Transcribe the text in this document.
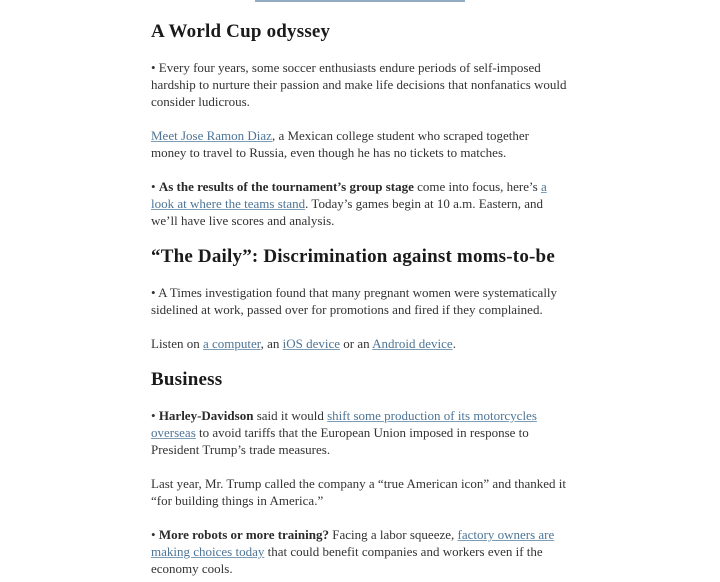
A World Cup odyssey

• Every four years, some soccer enthusiasts endure periods of self-imposed hardship to nurture their passion and make life decisions that nonfanatics would consider ludicrous.

Meet Jose Ramon Diaz, a Mexican college student who scraped together money to travel to Russia, even though he has no tickets to matches.

• As the results of the tournament’s group stage come into focus, here’s a look at where the teams stand. Today’s games begin at 10 a.m. Eastern, and we’ll have live scores and analysis.

“The Daily”: Discrimination against moms-to-be

• A Times investigation found that many pregnant women were systematically sidelined at work, passed over for promotions and fired if they complained.

Listen on a computer, an iOS device or an Android device.

Business

• Harley-Davidson said it would shift some production of its motorcycles overseas to avoid tariffs that the European Union imposed in response to President Trump’s trade measures.

Last year, Mr. Trump called the company a “true American icon” and thanked it “for building things in America.”

• More robots or more training? Facing a labor squeeze, factory owners are making choices today that could benefit companies and workers even if the economy cools.
